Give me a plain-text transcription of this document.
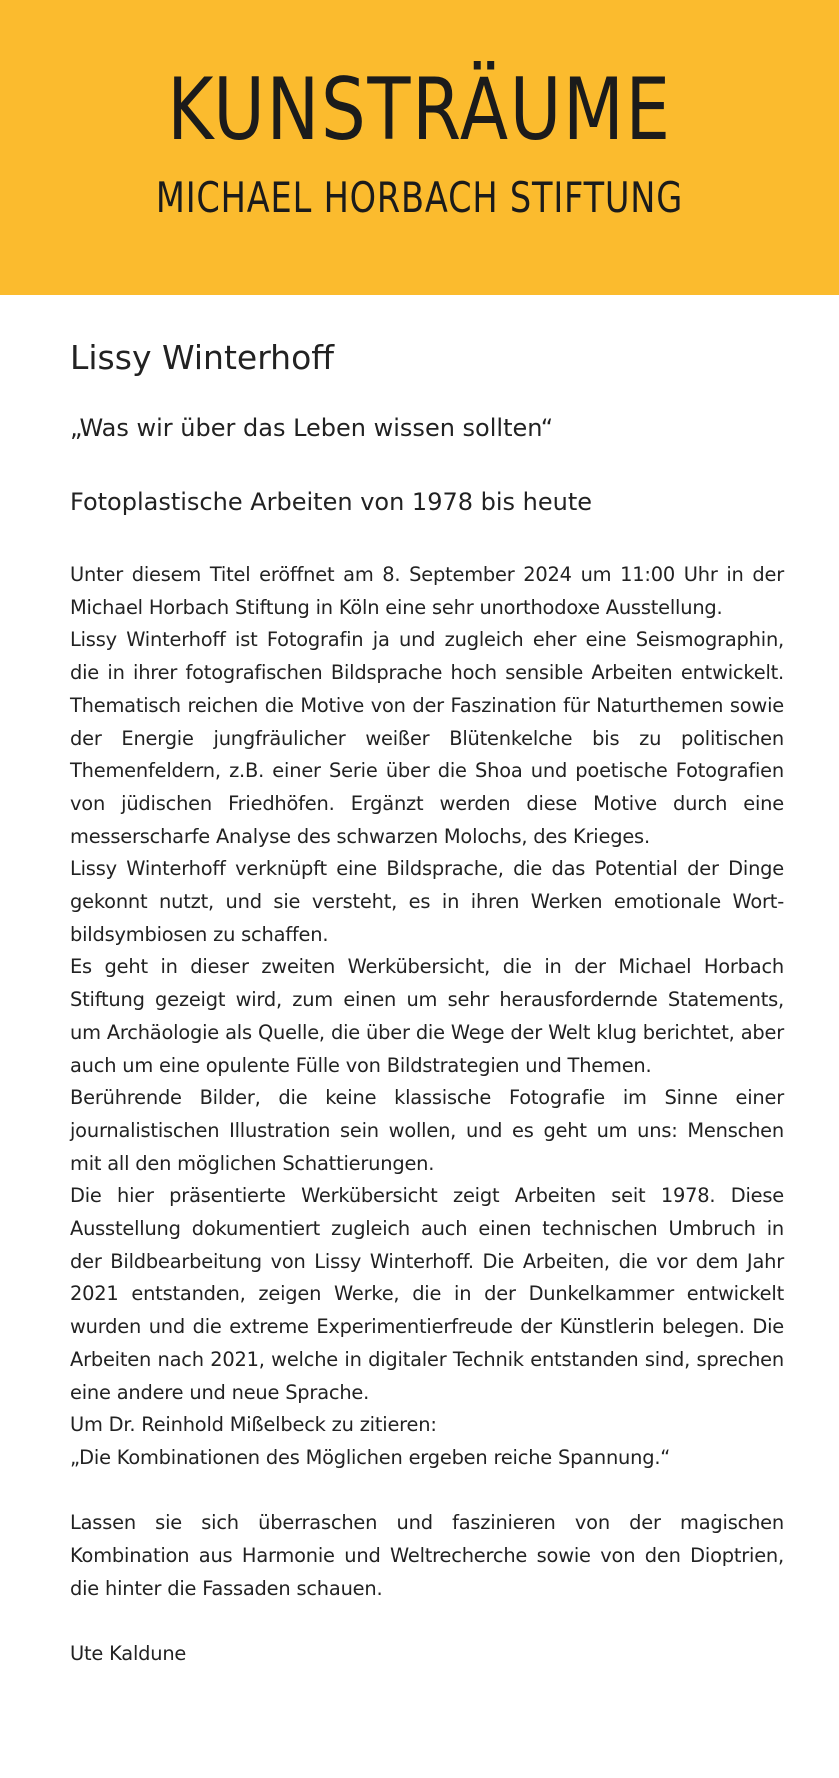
KUNSTRÄUME
MICHAEL HORBACH STIFTUNG
Lissy Winterhoff
„Was wir über das Leben wissen sollten“
Fotoplastische Arbeiten von 1978 bis heute

Unter diesem Titel eröffnet am 8. September 2024 um 11:00 Uhr in der Michael Horbach Stiftung in Köln eine sehr unorthodoxe Ausstellung.

Lissy Winterhoff ist Fotografin ja und zugleich eher eine Seismographin, die in ihrer fotografischen Bildsprache hoch sensible Arbeiten entwickelt. Thematisch reichen die Motive von der Faszination für Naturthemen sowie der Energie jungfräulicher weißer Blütenkelche bis zu politischen Themenfeldern, z.B. einer Serie über die Shoa und poetische Fotografien von jüdischen Friedhöfen. Ergänzt werden diese Motive durch eine messerscharfe Analyse des schwarzen Molochs, des Krieges.

Lissy Winterhoff verknüpft eine Bildsprache, die das Potential der Dinge gekonnt nutzt, und sie versteht, es in ihren Werken emotionale Wort-bildsymbiosen zu schaffen.

Es geht in dieser zweiten Werkübersicht, die in der Michael Horbach Stiftung gezeigt wird, zum einen um sehr herausfordernde Statements, um Archäologie als Quelle, die über die Wege der Welt klug berichtet, aber auch um eine opulente Fülle von Bildstrategien und Themen.

Berührende Bilder, die keine klassische Fotografie im Sinne einer journalistischen Illustration sein wollen, und es geht um uns: Menschen mit all den möglichen Schattierungen.

Die hier präsentierte Werkübersicht zeigt Arbeiten seit 1978. Diese Ausstellung dokumentiert zugleich auch einen technischen Umbruch in der Bildbearbeitung von Lissy Winterhoff. Die Arbeiten, die vor dem Jahr 2021 entstanden, zeigen Werke, die in der Dunkelkammer entwickelt wurden und die extreme Experimentierfreude der Künstlerin belegen. Die Arbeiten nach 2021, welche in digitaler Technik entstanden sind, sprechen eine andere und neue Sprache.

Um Dr. Reinhold Mißelbeck zu zitieren:

„Die Kombinationen des Möglichen ergeben reiche Spannung.“

Lassen sie sich überraschen und faszinieren von der magischen Kombination aus Harmonie und Weltrecherche sowie von den Dioptrien, die hinter die Fassaden schauen.

Ute Kaldune
